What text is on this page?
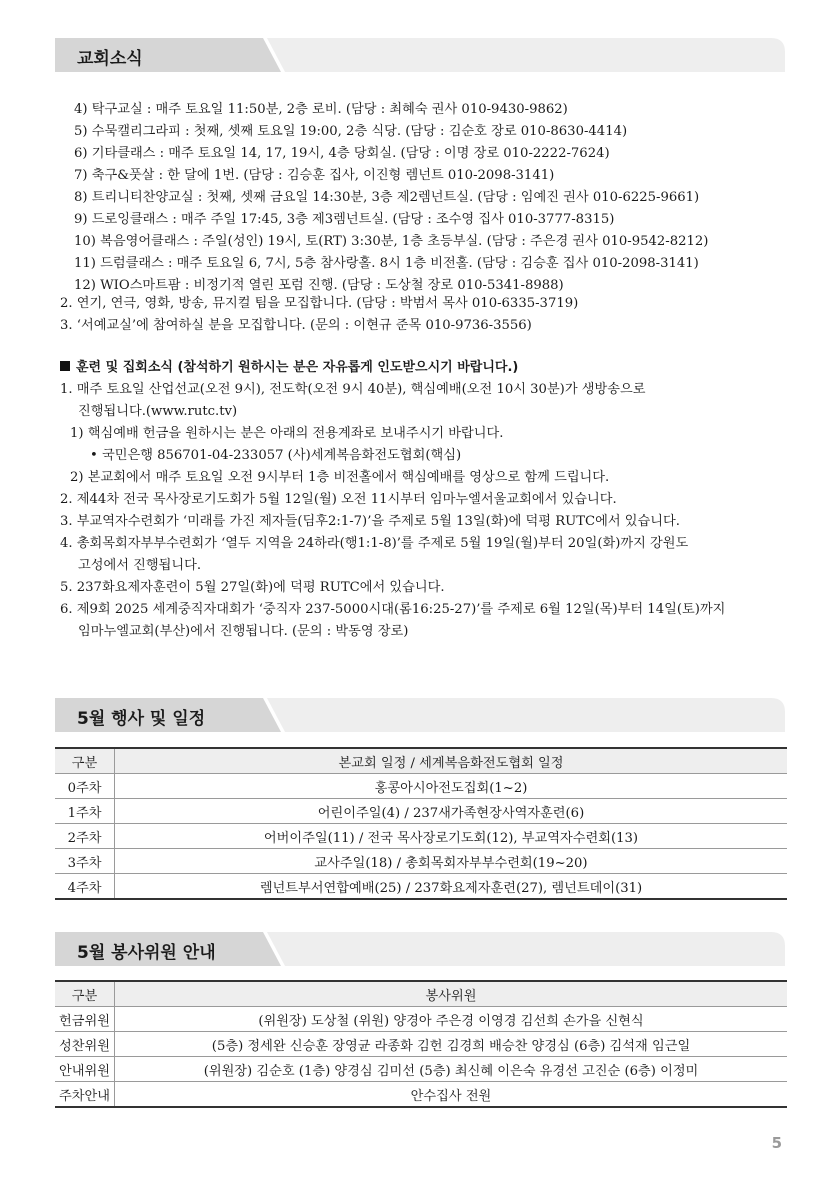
교회소식
4) 탁구교실 : 매주 토요일 11:50분, 2층 로비. (담당 : 최혜숙 권사 010-9430-9862)
5) 수묵캘리그라피 : 첫째, 셋째 토요일 19:00, 2층 식당. (담당 : 김순호 장로 010-8630-4414)
6) 기타클래스 : 매주 토요일 14, 17, 19시, 4층 당회실. (담당 : 이명 장로 010-2222-7624)
7) 축구&풋살 : 한 달에 1번. (담당 : 김승훈 집사, 이진형 렘넌트 010-2098-3141)
8) 트리니티찬양교실 : 첫째, 셋째 금요일 14:30분, 3층 제2렘넌트실. (담당 : 임예진 권사 010-6225-9661)
9) 드로잉클래스 : 매주 주일 17:45, 3층 제3렘넌트실. (담당 : 조수영 집사 010-3777-8315)
10) 복음영어클래스 : 주일(성인) 19시, 토(RT) 3:30분, 1층 초등부실. (담당 : 주은경 권사 010-9542-8212)
11) 드럼클래스 : 매주 토요일 6, 7시, 5층 참사랑홀. 8시 1층 비전홀. (담당 : 김승훈 집사 010-2098-3141)
12) WIO스마트팜 : 비정기적 열린 포럼 진행. (담당 : 도상철 장로 010-5341-8988)
2. 연기, 연극, 영화, 방송, 뮤지컬 팀을 모집합니다. (담당 : 박범서 목사 010-6335-3719)
3. ‘서예교실’에 참여하실 분을 모집합니다. (문의 : 이현규 준목 010-9736-3556)
훈련 및 집회소식 (참석하기 원하시는 분은 자유롭게 인도받으시기 바랍니다.)
1. 매주 토요일 산업선교(오전 9시), 전도학(오전 9시 40분), 핵심예배(오전 10시 30분)가 생방송으로
진행됩니다.(www.rutc.tv)
1) 핵심예배 헌금을 원하시는 분은 아래의 전용계좌로 보내주시기 바랍니다.
• 국민은행 856701-04-233057 (사)세계복음화전도협회(핵심)
2) 본교회에서 매주 토요일 오전 9시부터 1층 비전홀에서 핵심예배를 영상으로 함께 드립니다.
2. 제44차 전국 목사장로기도회가 5월 12일(월) 오전 11시부터 임마누엘서울교회에서 있습니다.
3. 부교역자수련회가 ‘미래를 가진 제자들(딤후2:1-7)’을 주제로 5월 13일(화)에 덕평 RUTC에서 있습니다.
4. 총회목회자부부수련회가 ‘열두 지역을 24하라(행1:1-8)’를 주제로 5월 19일(월)부터 20일(화)까지 강원도
고성에서 진행됩니다.
5. 237화요제자훈련이 5월 27일(화)에 덕평 RUTC에서 있습니다.
6. 제9회 2025 세계중직자대회가 ‘중직자 237-5000시대(롬16:25-27)’를 주제로 6월 12일(목)부터 14일(토)까지
임마누엘교회(부산)에서 진행됩니다. (문의 : 박동영 장로)
5월 행사 및 일정
구분	본교회 일정 / 세계복음화전도협회 일정
0주차	홍콩아시아전도집회(1~2)
1주차	어린이주일(4) / 237새가족현장사역자훈련(6)
2주차	어버이주일(11) / 전국 목사장로기도회(12), 부교역자수련회(13)
3주차	교사주일(18) / 총회목회자부부수련회(19~20)
4주차	렘넌트부서연합예배(25) / 237화요제자훈련(27), 렘넌트데이(31)
5월 봉사위원 안내
구분	봉사위원
헌금위원	(위원장) 도상철 (위원) 양경아 주은경 이영경 김선희 손가을 신현식
성찬위원	(5층) 정세완 신승훈 장영균 라종화 김헌 김경희 배승찬 양경심 (6층) 김석재 임근일
안내위원	(위원장) 김순호 (1층) 양경심 김미선 (5층) 최신혜 이은숙 유경선 고진순 (6층) 이정미
주차안내	안수집사 전원
5
